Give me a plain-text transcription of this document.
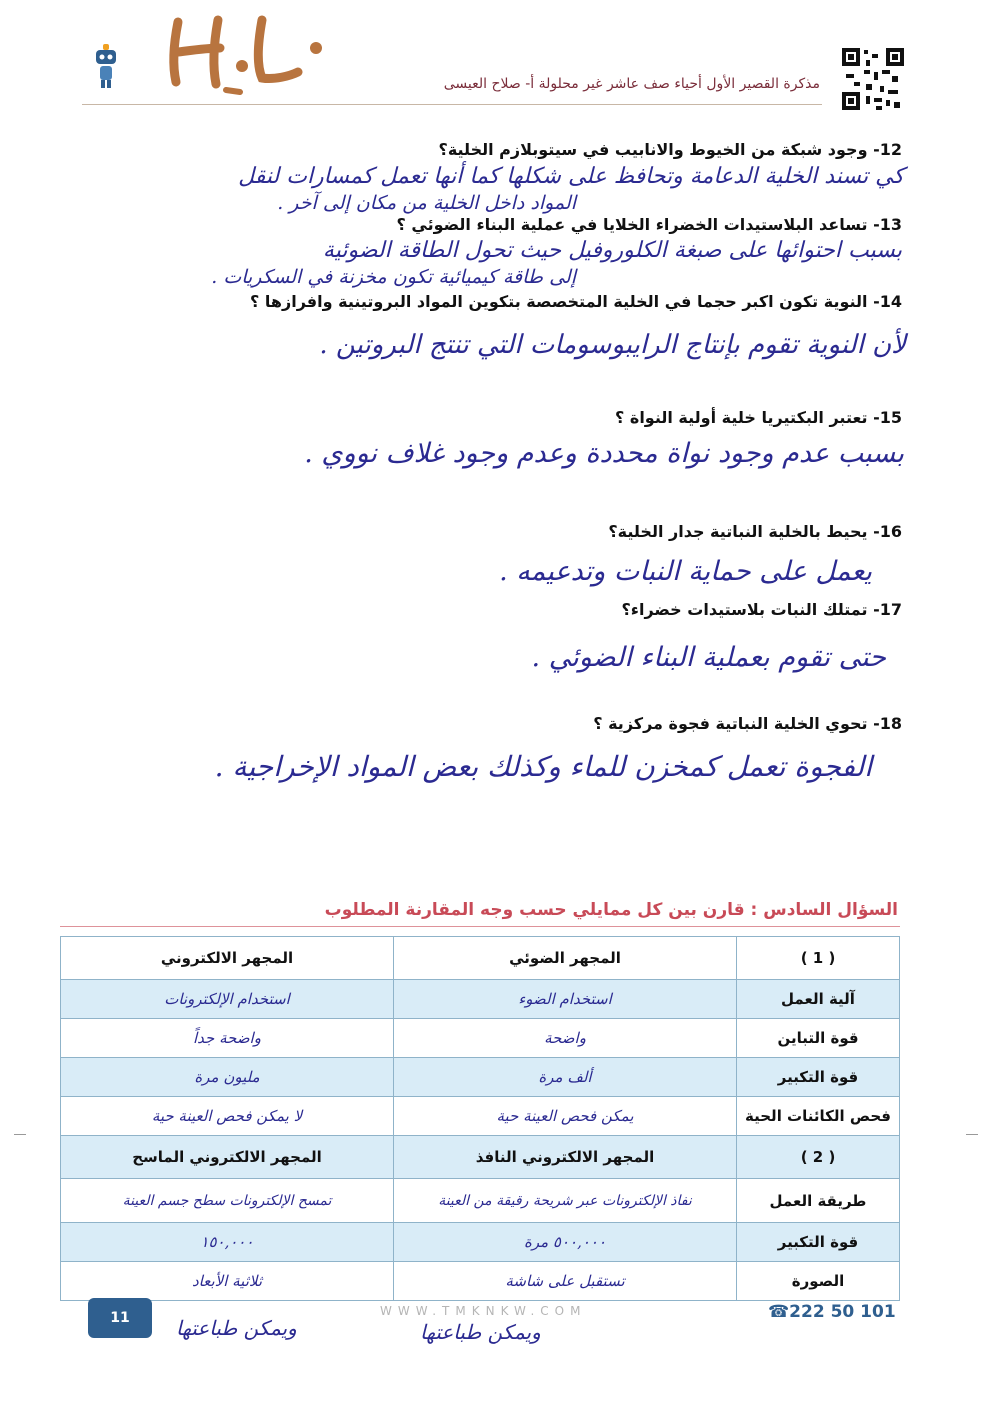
مذكرة القصير الأول أحياء صف عاشر غير محلولة أ- صلاح العيسى
12- وجود شبكة من الخيوط والانابيب في سيتوبلازم الخلية؟
كي تسند الخلية الدعامة وتحافظ على شكلها كما أنها تعمل كمسارات لنقل
المواد داخل الخلية من مكان إلى آخر .
13- تساعد البلاستيدات الخضراء الخلايا في عملية البناء الضوئي ؟
بسبب احتوائها على صبغة الكلوروفيل حيث تحول الطاقة الضوئية
إلى طاقة كيميائية تكون مخزنة في السكريات .
14- النوية تكون اكبر حجما في الخلية المتخصصة بتكوين المواد البروتينية وافرازها ؟
لأن النوية تقوم بإنتاج الرايبوسومات التي تنتج البروتين .
15- تعتبر البكتيريا خلية أولية النواة ؟
بسبب عدم وجود نواة محددة وعدم وجود غلاف نووي .
16- يحيط بالخلية النباتية جدار الخلية؟
يعمل على حماية النبات وتدعيمه .
17- تمتلك النبات بلاستيدات خضراء؟
حتى تقوم بعملية البناء الضوئي .
18- تحوي الخلية النباتية فجوة مركزية ؟
الفجوة تعمل كمخزن للماء وكذلك بعض المواد الإخراجية .
السؤال السادس : قارن بين كل ممايلي حسب وجه المقارنة المطلوب
( 1 )	المجهر الضوئي	المجهر الالكتروني
آلية العمل	استخدام الضوء	استخدام الإلكترونات
قوة التباين	واضحة	واضحة جداً
قوة التكبير	ألف مرة	مليون مرة
فحص الكائنات الحية	يمكن فحص العينة حية	لا يمكن فحص العينة حية
( 2 )	المجهر الالكتروني النافذ	المجهر الالكتروني الماسح
طريقة العمل	نفاذ الإلكترونات عبر شريحة رقيقة من العينة	تمسح الإلكترونات سطح جسم العينة
قوة التكبير	٥٠٠,٠٠٠ مرة	١٥٠,٠٠٠
الصورة	تستقبل على شاشة	ثلاثية الأبعاد
11	WWW.TMKNKW.COM	☎222 50 101
ويمكن طباعتها
ويمكن طباعتها
